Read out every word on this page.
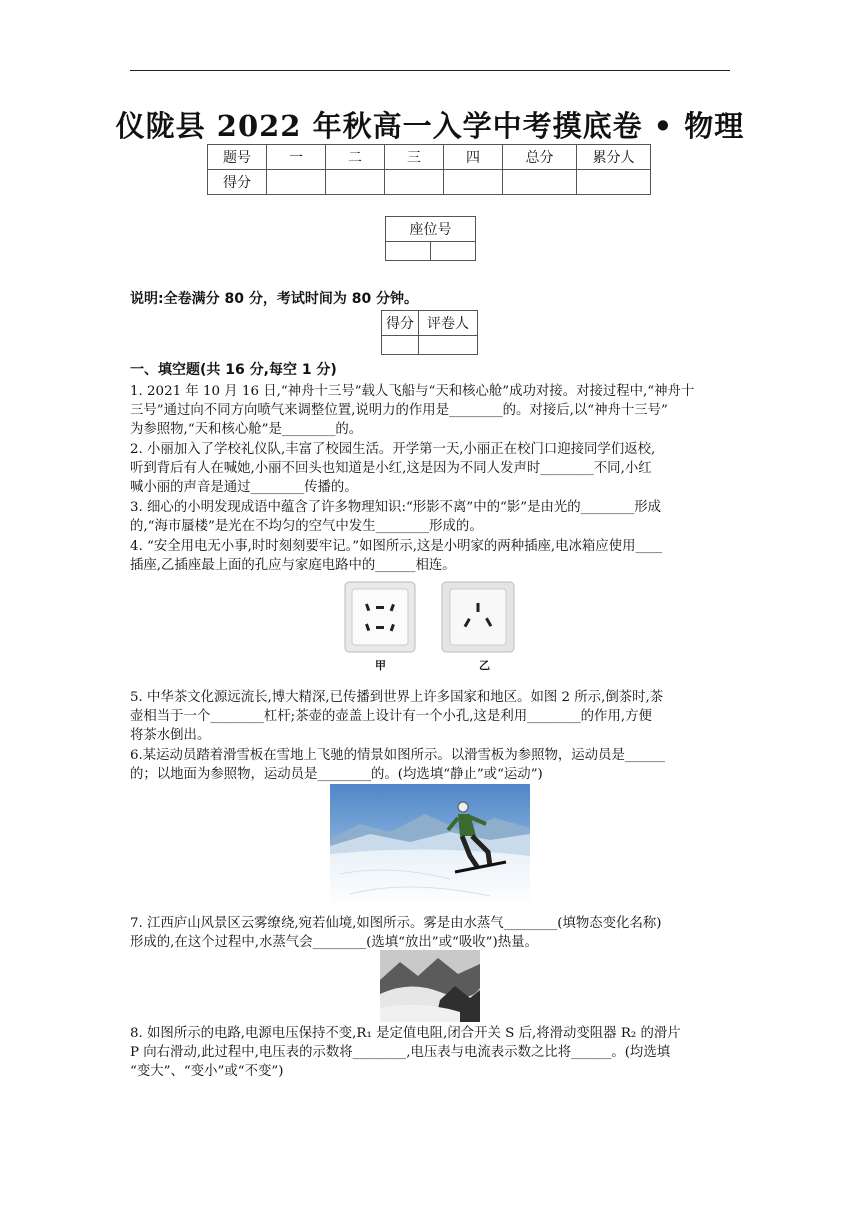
仪陇县 2022 年秋高一入学中考摸底卷 • 物理
题号	一	二	三	四	总分	累分人
得分						
座位号

说明:全卷满分 80 分，考试时间为 80 分钟。
得分	评卷人

一、填空题(共 16 分,每空 1 分)
1. 2021 年 10 月 16 日,“神舟十三号”载人飞船与“天和核心舱”成功对接。对接过程中,“神舟十
三号”通过向不同方向喷气来调整位置,说明力的作用是________的。对接后,以“神舟十三号”
为参照物,“天和核心舱”是________的。
2. 小丽加入了学校礼仪队,丰富了校园生活。开学第一天,小丽正在校门口迎接同学们返校,
听到背后有人在喊她,小丽不回头也知道是小红,这是因为不同人发声时________不同,小红
喊小丽的声音是通过________传播的。
3. 细心的小明发现成语中蕴含了许多物理知识:“形影不离”中的“影”是由光的________形成
的,“海市蜃楼”是光在不均匀的空气中发生________形成的。
4. “安全用电无小事,时时刻刻要牢记。”如图所示,这是小明家的两种插座,电冰箱应使用____
插座,乙插座最上面的孔应与家庭电路中的______相连。
甲	乙
5. 中华茶文化源远流长,博大精深,已传播到世界上许多国家和地区。如图 2 所示,倒茶时,茶
壶相当于一个________杠杆;茶壶的壶盖上设计有一个小孔,这是利用________的作用,方便
将茶水倒出。
6.某运动员踏着滑雪板在雪地上飞驰的情景如图所示。以滑雪板为参照物，运动员是______
的；以地面为参照物，运动员是________的。(均选填“静止”或“运动”)
7. 江西庐山风景区云雾缭绕,宛若仙境,如图所示。雾是由水蒸气________(填物态变化名称)
形成的,在这个过程中,水蒸气会________(选填“放出”或“吸收”)热量。
8. 如图所示的电路,电源电压保持不变,R₁ 是定值电阻,闭合开关 S 后,将滑动变阻器 R₂ 的滑片
P 向右滑动,此过程中,电压表的示数将________,电压表与电流表示数之比将______。(均选填
“变大”、“变小”或“不变”)
